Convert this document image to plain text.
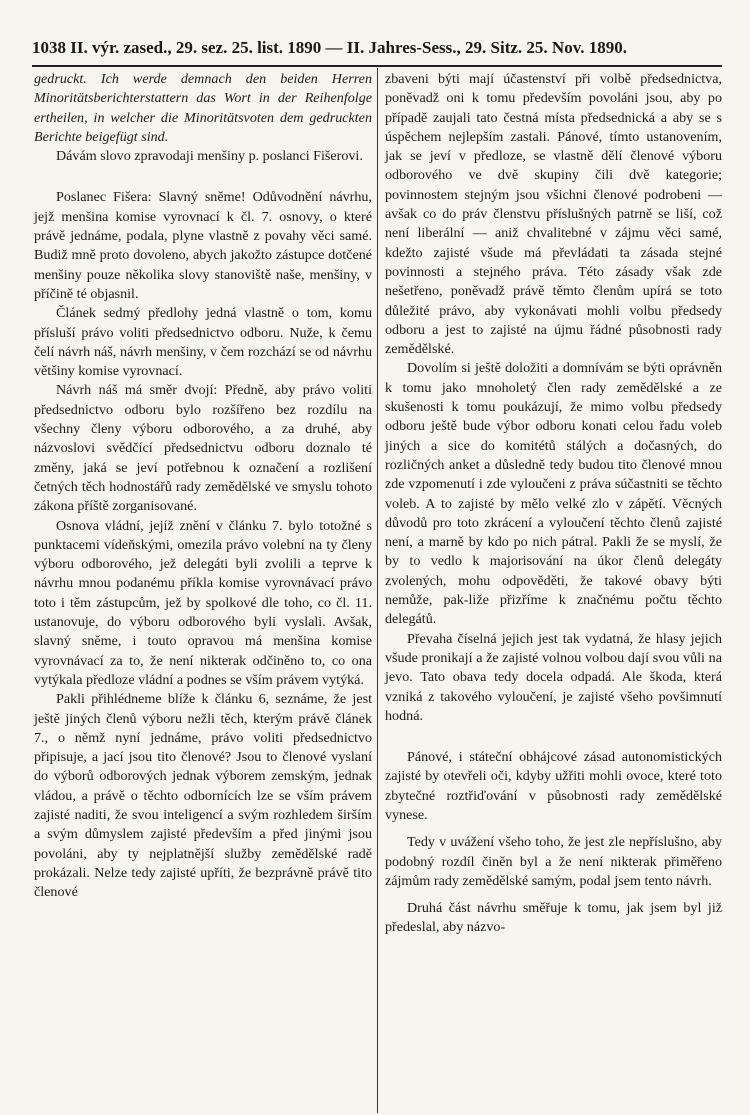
1038 II. výr. zased., 29. sez. 25. list. 1890 — II. Jahres-Sess., 29. Sitz. 25. Nov. 1890.

gedruckt. Ich werde demnach den beiden Herren Minoritätsberichterstattern das Wort in der Reihenfolge ertheilen, in welcher die Minoritätsvoten dem gedruckten Berichte beigefügt sind.

Dávám slovo zpravodaji menšiny p. poslanci Fišerovi.

Poslanec Fišera: Slavný sněme! Odůvodnění návrhu, jejž menšina komise vyrovnací k čl. 7. osnovy, o které právě jednáme, podala, plyne vlastně z povahy věci samé. Budiž mně proto dovoleno, abych jakožto zástupce dotčené menšiny pouze několika slovy stanoviště naše, menšiny, v příčině té objasnil.

Článek sedmý předlohy jedná vlastně o tom, komu přísluší právo voliti předsednictvo odboru. Nuže, k čemu čelí návrh náš, návrh menšiny, v čem rozchází se od návrhu většiny komise vyrovnací.

Návrh náš má směr dvojí: Předně, aby právo voliti předsednictvo odboru bylo rozšířeno bez rozdílu na všechny členy výboru odborového, a za druhé, aby názvoslovi svědčící předsednictvu odboru doznalo té změny, jaká se jeví potřebnou k označení a rozlišení četných těch hodnostářů rady zemědělské ve smyslu tohoto zákona příště zorganisované.

Osnova vládní, jejíž znění v článku 7. bylo totožné s punktacemi vídeňskými, omezila právo volební na ty členy výboru odborového, jež delegáti byli zvolili a teprve k návrhu mnou podanému příkla komise vyrovnávací právo toto i těm zástupcům, jež by spolkové dle toho, co čl. 11. ustanovuje, do výboru odborového byli vyslali. Avšak, slavný sněme, i touto opravou má menšina komise vyrovnávací za to, že není nikterak odčiněno to, co ona vytýkala předloze vládní a podnes se vším právem vytýká.

Pakli přihlédneme blíže k článku 6, seznáme, že jest ještě jiných členů výboru nežli těch, kterým právě článek 7., o němž nyní jednáme, právo voliti předsednictvo připisuje, a jací jsou tito členové? Jsou to členové vyslaní do výborů odborových jednak výborem zemským, jednak vládou, a právě o těchto odbornících lze se vším právem zajisté naditi, že svou inteligencí a svým rozhledem širším a svým důmyslem zajisté především a před jinými jsou povoláni, aby ty nejplatnější služby zemědělské radě prokázali. Nelze tedy zajisté upříti, že bezprávně právě tito členové

zbaveni býti mají účastenství při volbě předsednictva, poněvadž oni k tomu především povoláni jsou, aby po případě zaujali tato čestná místa předsednická a aby se s úspěchem nejlepším zastali. Pánové, tímto ustanovením, jak se jeví v předloze, se vlastně dělí členové výboru odborového ve dvě skupiny čili dvě kategorie; povinnostem stejným jsou všichni členové podrobeni — avšak co do práv členstvu příslušných patrně se liší, což není liberální — aniž chvalitebné v zájmu věci samé, kdežto zajisté všude má převládati ta zásada stejné povinnosti a stejného práva. Této zásady však zde nešetřeno, poněvadž právě těmto členům upírá se toto důležité právo, aby vykonávati mohli volbu předsedy odboru a jest to zajisté na újmu řádné působnosti rady zemědělské.

Dovolím si ještě doložiti a domnívám se býti oprávněn k tomu jako mnoholetý člen rady zemědělské a ze skušenosti k tomu poukázují, že mimo volbu předsedy odboru ještě bude výbor odboru konati celou řadu voleb jiných a sice do komitétů stálých a dočasných, do rozličných anket a důsledně tedy budou tito členové mnou zde vzpomenutí i zde vyloučeni z práva súčastniti se těchto voleb. A to zajisté by mělo velké zlo v zápětí. Věcných důvodů pro toto zkrácení a vyloučení těchto členů zajisté není, a marně by kdo po nich pátral. Pakli že se myslí, že by to vedlo k majorisování na úkor členů delegáty zvolených, mohu odpověděti, že takové obavy býti nemůže, pak-liže přizříme k značnému počtu těchto delegátů.

Převaha číselná jejich jest tak vydatná, že hlasy jejich všude pronikají a že zajisté volnou volbou dají svou vůli na jevo. Tato obava tedy docela odpadá. Ale škoda, která vzniká z takového vyloučení, je zajisté všeho povšimnutí hodná.

Pánové, i státeční obhájcové zásad autonomistických zajisté by otevřeli oči, kdyby užřiti mohli ovoce, které toto zbytečné roztřiďování v působnosti rady zemědělské vynese.

Tedy v uvážení všeho toho, že jest zle nepříslušno, aby podobný rozdíl činěn byl a že není nikterak přiměřeno zájmům rady zemědělské samým, podal jsem tento návrh.

Druhá část návrhu směřuje k tomu, jak jsem byl již předeslal, aby názvo-
